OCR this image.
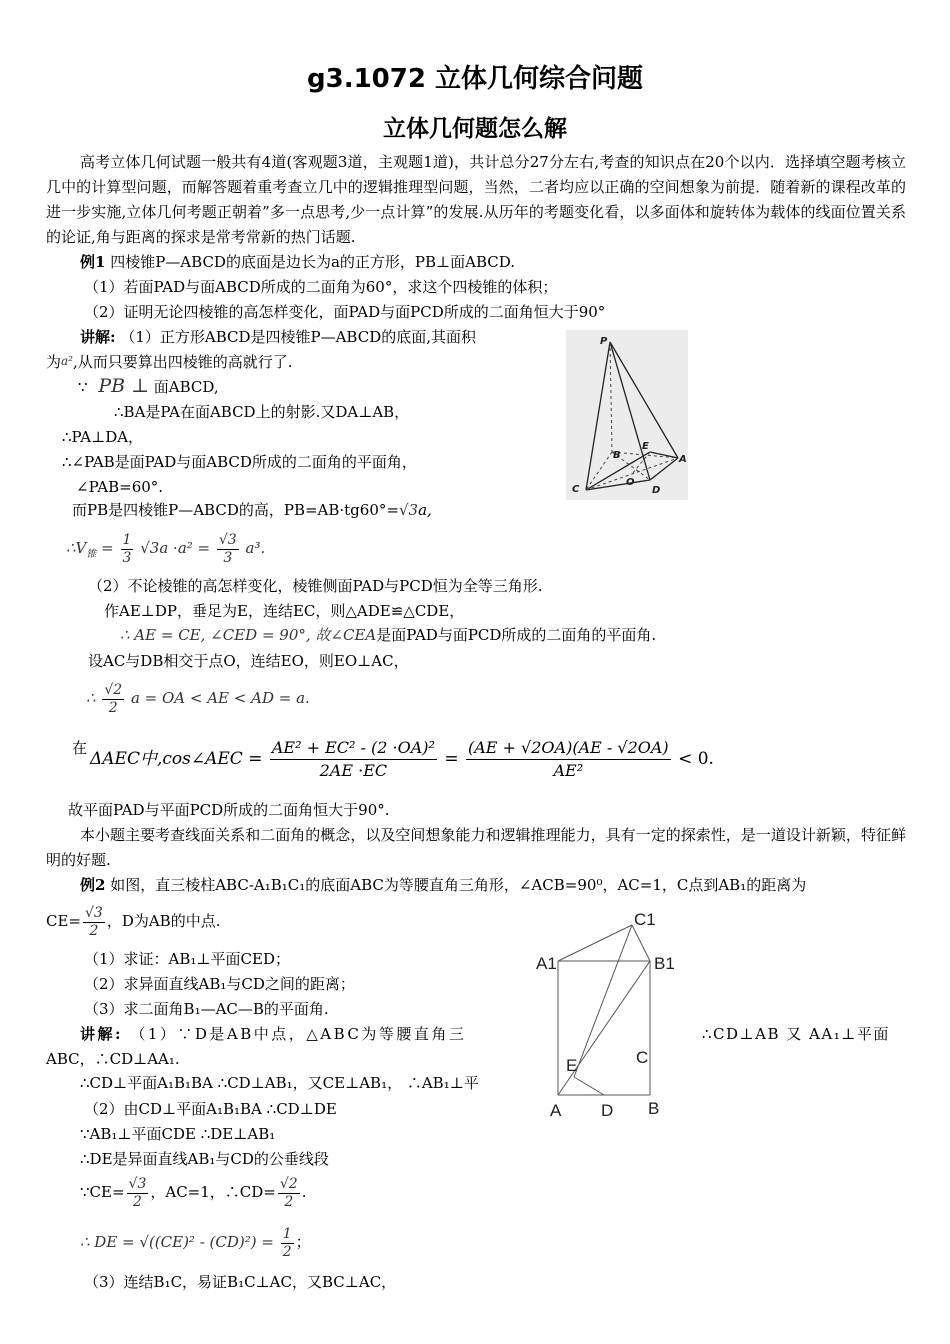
g3.1072 立体几何综合问题
立体几何题怎么解
高考立体几何试题一般共有4道(客观题3道，主观题1道)，共计总分27分左右,考查的知识点在20个以内．选择填空题考核立几中的计算型问题，而解答题着重考查立几中的逻辑推理型问题，当然，二者均应以正确的空间想象为前提．随着新的课程改革的进一步实施,立体几何考题正朝着”多一点思考,少一点计算”的发展.从历年的考题变化看，以多面体和旋转体为载体的线面位置关系的论证,角与距离的探求是常考常新的热门话题.
例1 四棱锥P—ABCD的底面是边长为a的正方形，PB⊥面ABCD.
（1）若面PAD与面ABCD所成的二面角为60°，求这个四棱锥的体积；
（2）证明无论四棱锥的高怎样变化，面PAD与面PCD所成的二面角恒大于90°
讲解: （1）正方形ABCD是四棱锥P—ABCD的底面,其面积
为a²,从而只要算出四棱锥的高就行了.
∵ PB ⊥ 面ABCD,
∴BA是PA在面ABCD上的射影.又DA⊥AB，
∴PA⊥DA，
∴∠PAB是面PAD与面ABCD所成的二面角的平面角，
∠PAB=60°.
而PB是四棱锥P—ABCD的高，PB=AB·tg60°=√3a,
$\therefore V_锥 = \frac{1}{3} √3a \cdot a^2 = \frac{√3}{3} a^3$.
（2）不论棱锥的高怎样变化，棱锥侧面PAD与PCD恒为全等三角形.
作AE⊥DP，垂足为E，连结EC，则△ADE≌△CDE，
∴ AE = CE, ∠CED = 90°, 故∠CEA是面PAD与面PCD所成的二面角的平面角.
设AC与DB相交于点O，连结EO，则EO⊥AC，
∴ $\frac{√2}{2}$ a = OA < AE < AD = a.
在
ΔAEC中,cos∠AEC = $\frac{\text{AE² + EC² - (2 ·OA)²}}{2AE \cdot EC} = \frac{(AE + √2OA)(AE - √2OA)}{\text{AE²}} < 0$.
故平面PAD与平面PCD所成的二面角恒大于90°.
本小题主要考查线面关系和二面角的概念，以及空间想象能力和逻辑推理能力，具有一定的探索性，是一道设计新颖，特征鲜明的好题.
P
E
A
B
O
C	D
例2 如图，直三棱柱ABC-A₁B₁C₁的底面ABC为等腰直角三角形，∠ACB=90⁰，AC=1，C点到AB₁的距离为
$CE= \frac{√3}{2}$ ，D为AB的中点.
（1）求证：AB₁⊥平面CED；
（2）求异面直线AB₁与CD之间的距离；
（3）求二面角B₁—AC—B的平面角.
讲解: （1）∵D是AB中点，△ABC为等腰直角三	∴CD⊥AB 又 AA₁⊥平面
ABC，∴CD⊥AA₁.
∴CD⊥平面A₁B₁BA ∴CD⊥AB₁，又CE⊥AB₁， ∴AB₁⊥平
（2）由CD⊥平面A₁B₁BA ∴CD⊥DE
∵AB₁⊥平面CDE ∴DE⊥AB₁
∴DE是异面直线AB₁与CD的公垂线段
∵CE= $\frac{√3}{2}$ ，AC=1，∴CD= $\frac{√2}{2}$ .
∴ DE = $√((CE)^2 - (CD)^2) = \frac{1}{2}$ ；
（3）连结B₁C，易证B₁C⊥AC，又BC⊥AC，
C1
A1	B1
E	C
A D B
